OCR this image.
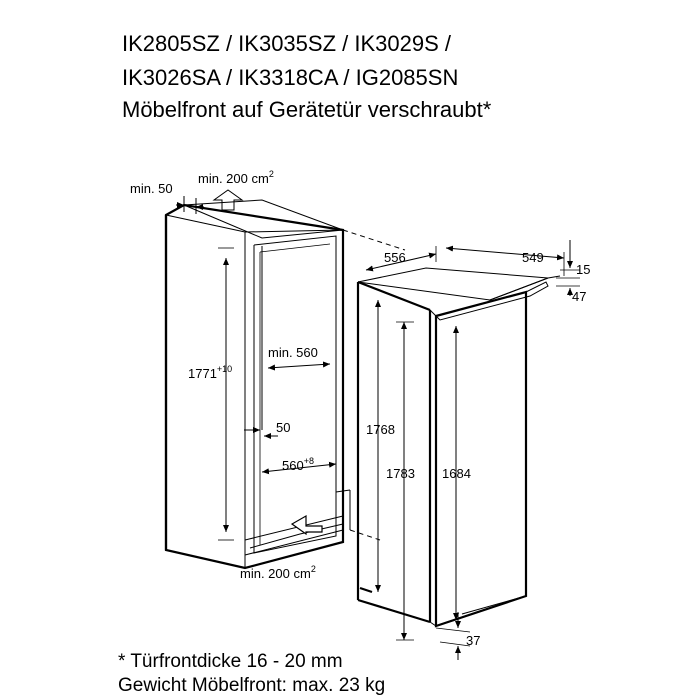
IK2805SZ / IK3035SZ / IK3029S /
IK3026SA / IK3318CA / IG2085SN
Möbelfront auf Gerätetür verschraubt*
min. 50
min. 200 $cm^2$
$1771^{+10}$
min. 560
50
$560^{+8}$
min. 200 $cm^2$
556	549
15
47
1768
1783 1684
37
* Türfrontdicke 16 - 20 mm
Gewicht Möbelfront: max. 23 kg
